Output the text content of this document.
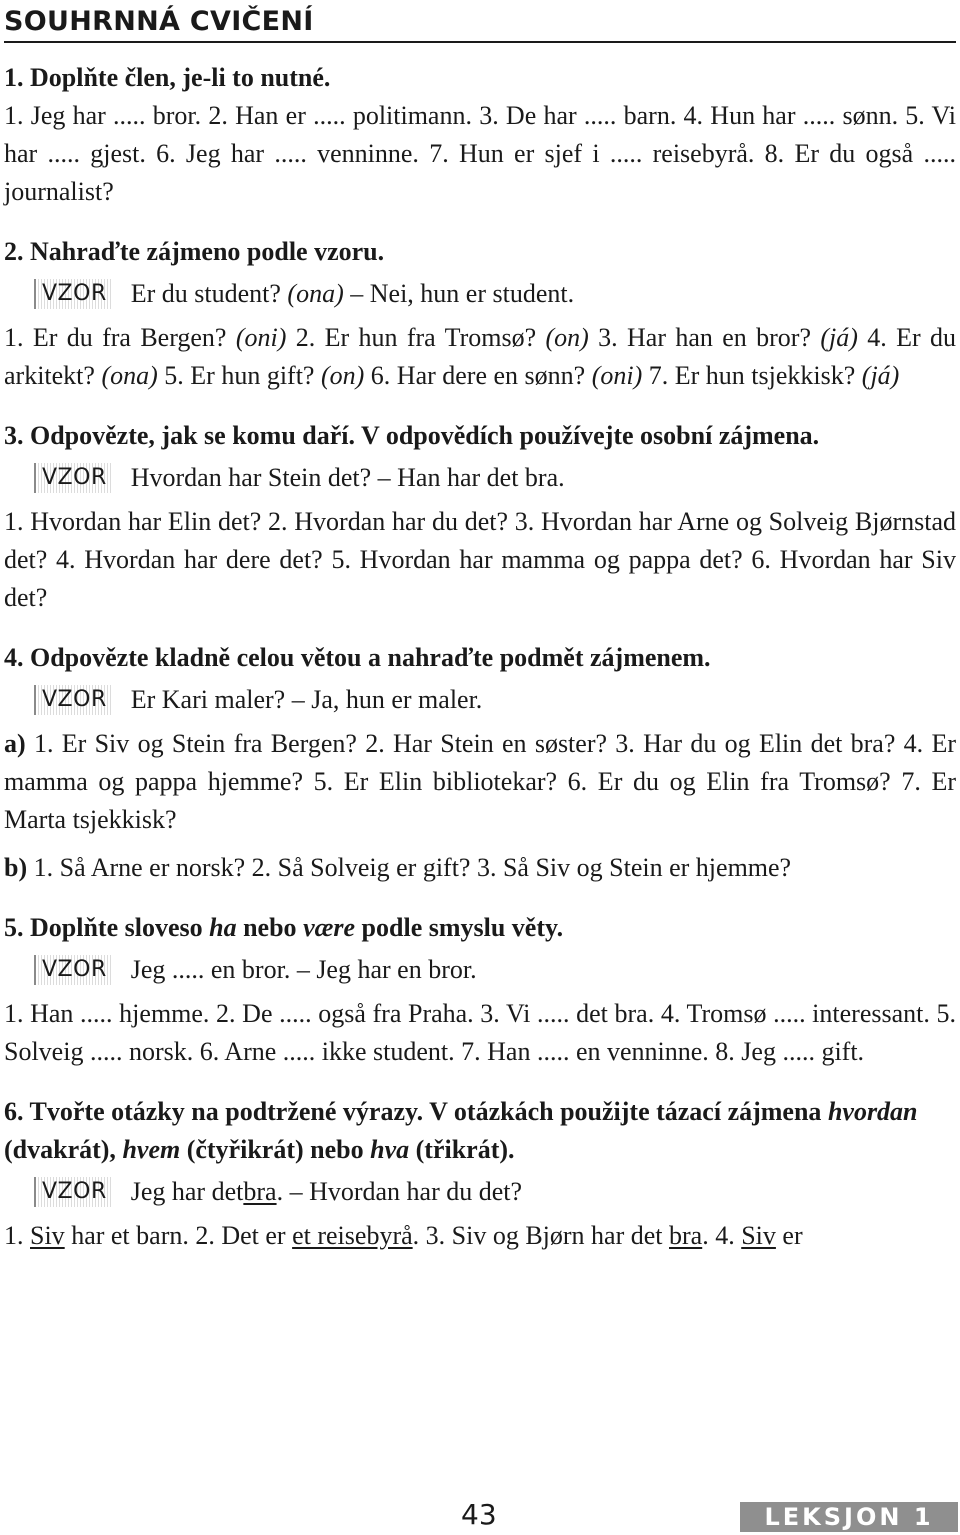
SOUHRNNÁ CVIČENÍ
1. Doplňte člen, je-li to nutné.
1. Jeg har ..... bror. 2. Han er ..... politimann. 3. De har ..... barn. 4. Hun har ..... sønn. 5. Vi har ..... gjest. 6. Jeg har ..... venninne. 7. Hun er sjef i ..... reisebyrå. 8. Er du også ..... journalist?
2. Nahraďte zájmeno podle vzoru.
VZOR Er du student?
(ona)
– Nei, hun er student.
1. Er du fra Bergen? (oni) 2. Er hun fra Tromsø? (on) 3. Har han en bror? (já) 4. Er du arkitekt? (ona) 5. Er hun gift? (on) 6. Har dere en sønn? (oni) 7. Er hun tsjekkisk? (já)
3. Odpovězte, jak se komu daří. V odpovědích používejte osobní zájmena.
VZOR Hvordan har Stein det? – Han har det bra.
1. Hvordan har Elin det? 2. Hvordan har du det? 3. Hvordan har Arne og Solveig Bjørnstad det? 4. Hvordan har dere det? 5. Hvordan har mamma og pappa det? 6. Hvordan har Siv det?
4. Odpovězte kladně celou větou a nahraďte podmět zájmenem.
VZOR Er Kari maler? – Ja, hun er maler.
a) 1. Er Siv og Stein fra Bergen? 2. Har Stein en søster? 3. Har du og Elin det bra? 4. Er mamma og pappa hjemme? 5. Er Elin bibliotekar? 6. Er du og Elin fra Tromsø? 7. Er Marta tsjekkisk?
b) 1. Så Arne er norsk? 2. Så Solveig er gift? 3. Så Siv og Stein er hjemme?
5. Doplňte sloveso ha nebo være podle smyslu věty.
VZOR Jeg ..... en bror. – Jeg har en bror.
1. Han ..... hjemme. 2. De ..... også fra Praha. 3. Vi ..... det bra. 4. Tromsø ..... interessant. 5. Solveig ..... norsk. 6. Arne ..... ikke student. 7. Han ..... en venninne. 8. Jeg ..... gift.
6. Tvořte otázky na podtržené výrazy. V otázkách použijte tázací zájmena hvordan (dvakrát), hvem (čtyřikrát) nebo hva (třikrát).
VZOR Jeg har det bra . – Hvordan har du det?
1. Siv har et barn. 2. Det er et reisebyrå. 3. Siv og Bjørn har det bra. 4. Siv er
43	LEKSJON 1
